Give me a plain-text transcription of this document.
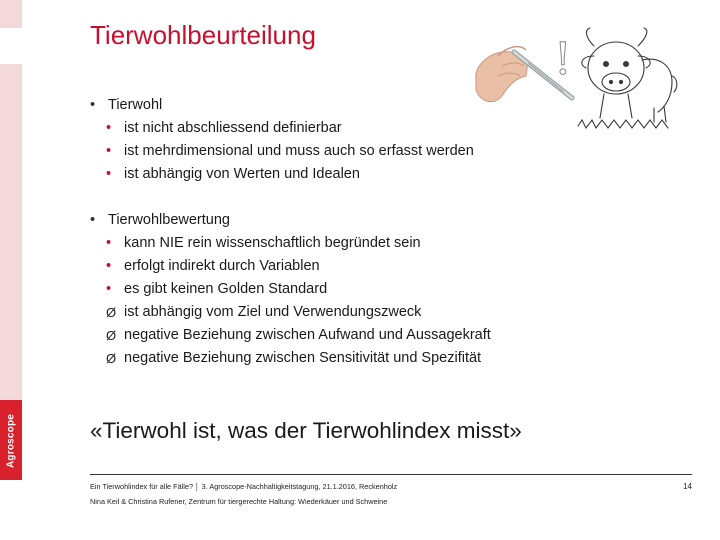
Agroscope
Tierwohlbeurteilung	!
• Tierwohl
• ist nicht abschliessend definierbar
• ist mehrdimensional und muss auch so erfasst werden
• ist abhängig von Werten und Idealen
• Tierwohlbewertung
• kann NIE rein wissenschaftlich begründet sein
• erfolgt indirekt durch Variablen
• es gibt keinen Golden Standard
Ø ist abhängig vom Ziel und Verwendungszweck
Ø negative Beziehung zwischen Aufwand und Aussagekraft
Ø negative Beziehung zwischen Sensitivität und Spezifität

«Tierwohl ist, was der Tierwohlindex misst»

Ein Tierwohlindex für alle Fälle? │ 3. Agroscope-Nachhaltigkeitstagung, 21.1.2016, Reckenholz
Nina Keil & Christina Rufener, Zentrum für tiergerechte Haltung: Wiederkäuer und Schweine
14
